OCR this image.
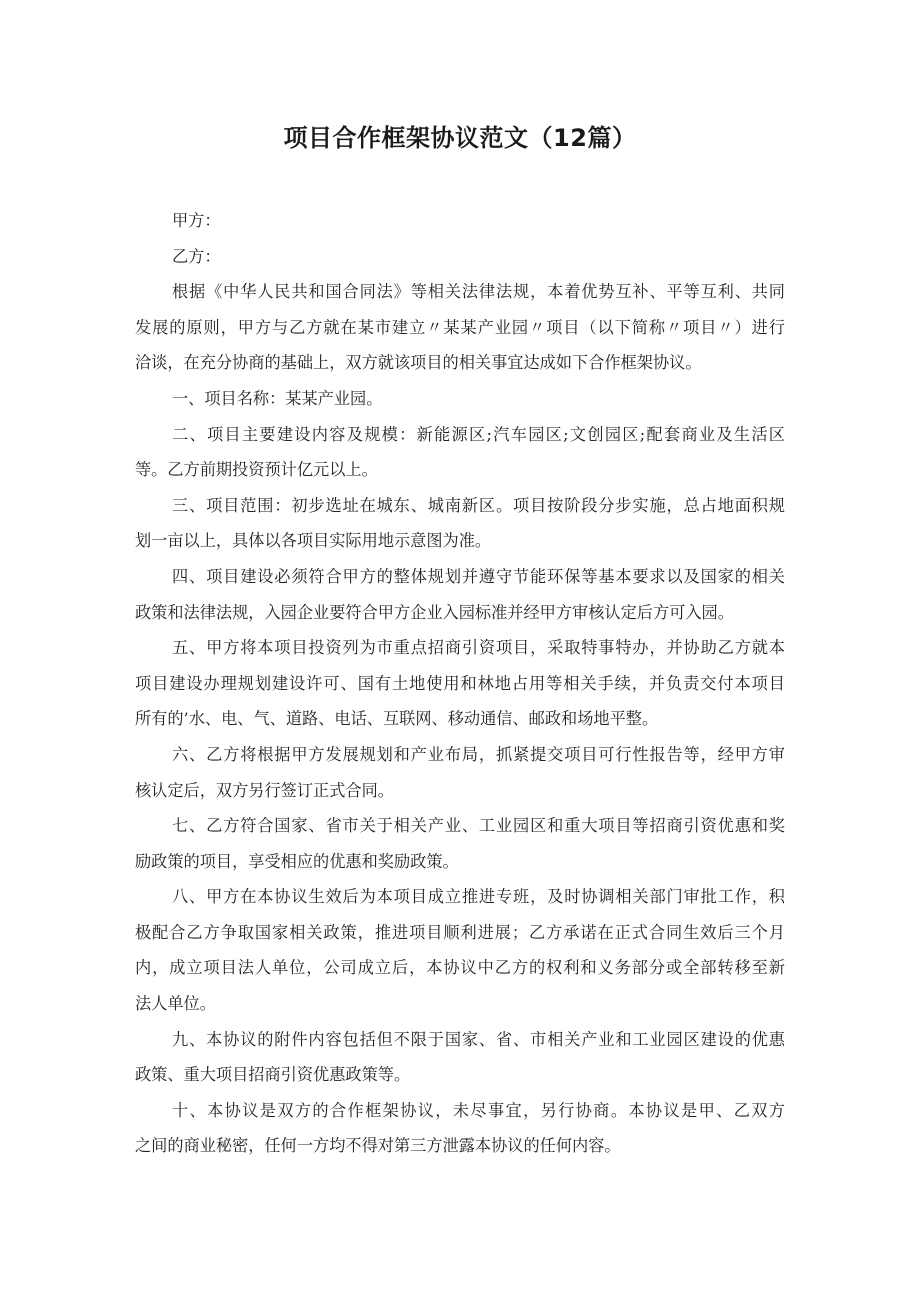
项目合作框架协议范文（12篇）
甲方：
乙方：
根据《中华人民共和国合同法》等相关法律法规，本着优势互补、平等互利、共同
发展的原则，甲方与乙方就在某市建立〃某某产业园〃项目（以下简称〃项目〃）进行
洽谈，在充分协商的基础上，双方就该项目的相关事宜达成如下合作框架协议。
一、项目名称：某某产业园。
二、项目主要建设内容及规模：新能源区;汽车园区;文创园区;配套商业及生活区
等。乙方前期投资预计亿元以上。
三、项目范围：初步选址在城东、城南新区。项目按阶段分步实施，总占地面积规
划一亩以上，具体以各项目实际用地示意图为准。
四、项目建设必须符合甲方的整体规划并遵守节能环保等基本要求以及国家的相关
政策和法律法规，入园企业要符合甲方企业入园标准并经甲方审核认定后方可入园。
五、甲方将本项目投资列为市重点招商引资项目，采取特事特办，并协助乙方就本
项目建设办理规划建设许可、国有土地使用和林地占用等相关手续，并负责交付本项目
所有的’水、电、气、道路、电话、互联网、移动通信、邮政和场地平整。
六、乙方将根据甲方发展规划和产业布局，抓紧提交项目可行性报告等，经甲方审
核认定后，双方另行签订正式合同。
七、乙方符合国家、省市关于相关产业、工业园区和重大项目等招商引资优惠和奖
励政策的项目，享受相应的优惠和奖励政策。
八、甲方在本协议生效后为本项目成立推进专班，及时协调相关部门审批工作，积
极配合乙方争取国家相关政策，推进项目顺利进展；乙方承诺在正式合同生效后三个月
内，成立项目法人单位，公司成立后，本协议中乙方的权利和义务部分或全部转移至新
法人单位。
九、本协议的附件内容包括但不限于国家、省、市相关产业和工业园区建设的优惠
政策、重大项目招商引资优惠政策等。
十、本协议是双方的合作框架协议，未尽事宜，另行协商。本协议是甲、乙双方
之间的商业秘密，任何一方均不得对第三方泄露本协议的任何内容。
